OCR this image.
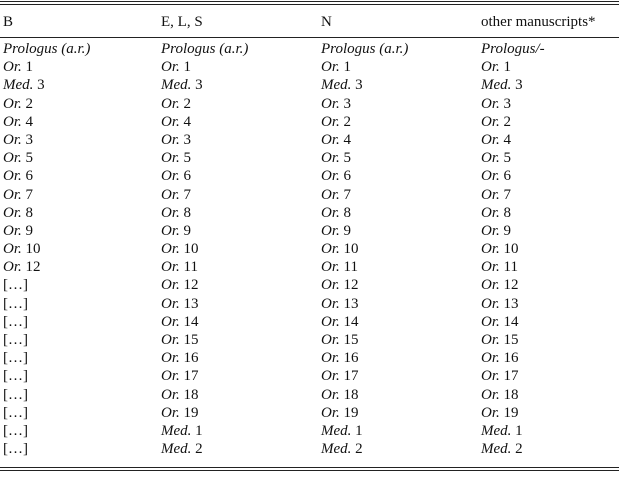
B	E, L, S	N	other manuscripts*
Prologus (a.r.)	Prologus (a.r.)	Prologus (a.r.)	Prologus/-
Or. 1	Or. 1	Or. 1	Or. 1
Med. 3	Med. 3	Med. 3	Med. 3
Or. 2	Or. 2	Or. 3	Or. 3
Or. 4	Or. 4	Or. 2	Or. 2
Or. 3	Or. 3	Or. 4	Or. 4
Or. 5	Or. 5	Or. 5	Or. 5
Or. 6	Or. 6	Or. 6	Or. 6
Or. 7	Or. 7	Or. 7	Or. 7
Or. 8	Or. 8	Or. 8	Or. 8
Or. 9	Or. 9	Or. 9	Or. 9
Or. 10	Or. 10	Or. 10	Or. 10
Or. 12	Or. 11	Or. 11	Or. 11
[…]	Or. 12	Or. 12	Or. 12
[…]	Or. 13	Or. 13	Or. 13
[…]	Or. 14	Or. 14	Or. 14
[…]	Or. 15	Or. 15	Or. 15
[…]	Or. 16	Or. 16	Or. 16
[…]	Or. 17	Or. 17	Or. 17
[…]	Or. 18	Or. 18	Or. 18
[…]	Or. 19	Or. 19	Or. 19
[…]	Med. 1	Med. 1	Med. 1
[…]	Med. 2	Med. 2	Med. 2
